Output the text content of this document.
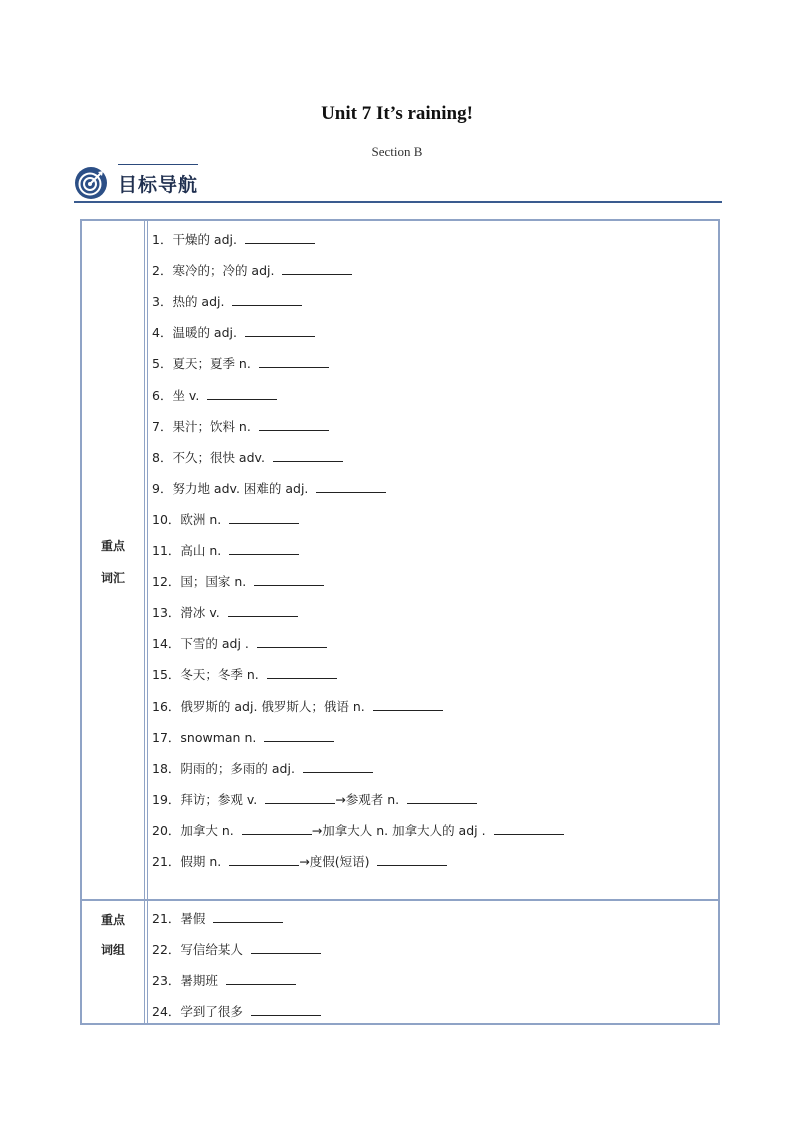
Unit 7 It’s raining!
Section B
目标导航
重点
词汇
1．干燥的 adj.
2．寒冷的；冷的 adj.
3．热的 adj.
4．温暖的 adj.
5．夏天；夏季 n.
6．坐 v.
7．果汁；饮料 n.
8．不久；很快 adv.
9．努力地 adv. 困难的 adj.
10．欧洲 n.
11．高山 n.
12．国；国家 n.
13．滑冰 v.
14．下雪的 adj .
15．冬天；冬季 n.
16．俄罗斯的 adj. 俄罗斯人；俄语 n.
17．snowman n.
18．阴雨的；多雨的 adj.
19．拜访；参观 v.	→参观者 n.
20．加拿大 n.	→加拿大人 n. 加拿大人的 adj .
21．假期 n.	→度假(短语)
重点
词组
21．暑假
22．写信给某人
23．暑期班
24．学到了很多
